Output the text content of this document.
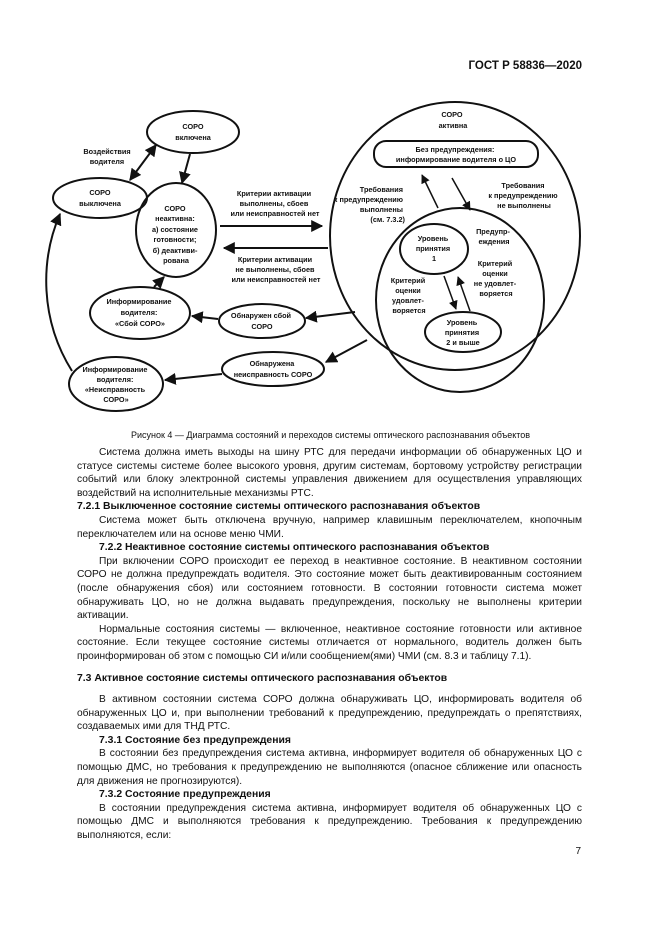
ГОСТ Р 58836—2020
СОРО включена
СОРО выключена
Воздействия водителя
СОРО неактивна: а) состояние готовности; б) деактиви- рована
Критерии активации выполнены, сбоев или неисправностей нет
Критерии активации не выполнены, сбоев или неисправностей нет
Информирование водителя: «Сбой СОРО»
Обнаружен сбой СОРО
Информирование водителя: «Неисправность СОРО»
Обнаружена неисправность СОРО
СОРО активна
Без предупреждения: информирование водителя о ЦО
Требования к предупреждению выполнены (см. 7.3.2)
Требования к предупреждению не выполнены
Уровень принятия 1
Предупр- еждения
Критерий оценки удовлет- воряется
Критерий оценки не удовлет- воряется
Уровень принятия 2 и выше
Рисунок 4 — Диаграмма состояний и переходов системы оптического распознавания объектов

Система должна иметь выходы на шину РТС для передачи информации об обнаруженных ЦО и статусе системы системе более высокого уровня, другим системам, бортовому устройству регистрации событий или блоку электронной системы управления движением для осуществления управляющих воздействий на исполнительные механизмы РТС.

7.2.1 Выключенное состояние системы оптического распознавания объектов

Система может быть отключена вручную, например клавишным переключателем, кнопочным переключателем или на основе меню ЧМИ.

7.2.2 Неактивное состояние системы оптического распознавания объектов

При включении СОРО происходит ее переход в неактивное состояние. В неактивном состоянии СОРО не должна предупреждать водителя. Это состояние может быть деактивированным состоянием (после обнаружения сбоя) или состоянием готовности. В состоянии готовности система может обнаруживать ЦО, но не должна выдавать предупреждения, поскольку не выполнены критерии активации.

Нормальные состояния системы — включенное, неактивное состояние готовности или активное состояние. Если текущее состояние системы отличается от нормального, водитель должен быть проинформирован об этом с помощью СИ и/или сообщением(ями) ЧМИ (см. 8.3 и таблицу 7.1).

7.3 Активное состояние системы оптического распознавания объектов

В активном состоянии система СОРО должна обнаруживать ЦО, информировать водителя об обнаруженных ЦО и, при выполнении требований к предупреждению, предупреждать о препятствиях, создаваемых ими для ТНД РТС.

7.3.1 Состояние без предупреждения

В состоянии без предупреждения система активна, информирует водителя об обнаруженных ЦО с помощью ДМС, но требования к предупреждению не выполняются (опасное сближение или опасность для движения не прогнозируются).

7.3.2 Состояние предупреждения

В состоянии предупреждения система активна, информирует водителя об обнаруженных ЦО с помощью ДМС и выполняются требования к предупреждению. Требования к предупреждению выполняются, если:

7
